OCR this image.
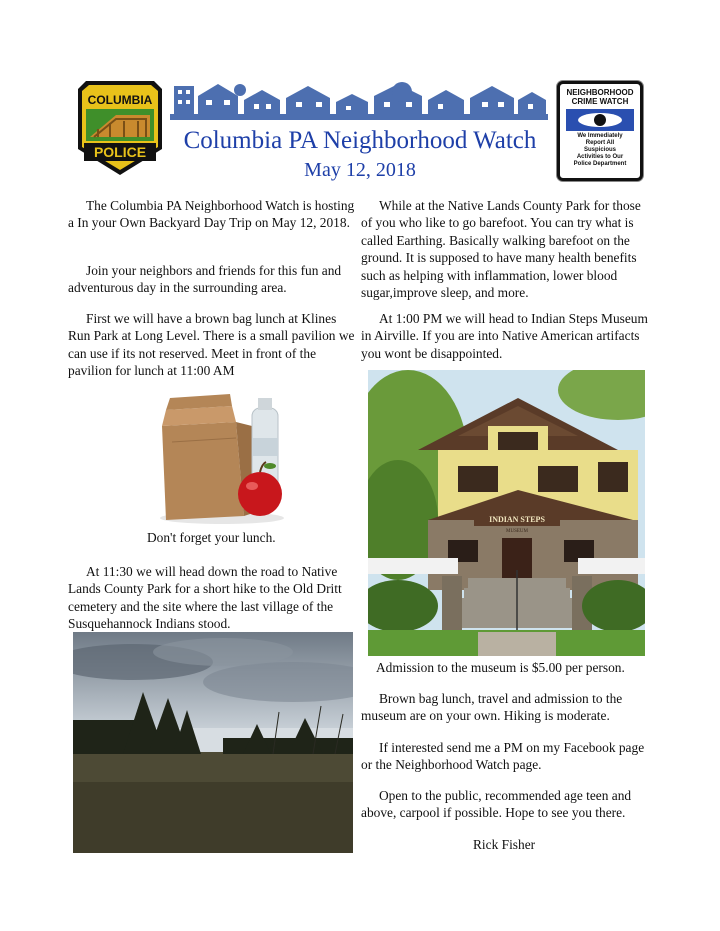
COLUMBIA
POLICE	Columbia PA Neighborhood Watch
May 12, 2018
NEIGHBORHOOD
CRIME WATCH
We Immediately
Report All
Suspicious
Activities to Our
Police Department

The Columbia PA Neighborhood Watch is hosting a In your Own Backyard Day Trip on May 12, 2018.

Join your neighbors and friends for this fun and adventurous day in the surrounding area.

First we will have a brown bag lunch at Klines Run Park at Long Level. There is a small pavilion we can use if its not reserved. Meet in front of the pavilion for lunch at 11:00 AM

Don't forget your lunch.

At 11:30 we will head down the road to Native Lands County Park for a short hike to the Old Dritt cemetery and the site where the last village of the Susquehannock Indians stood.

While at the Native Lands County Park for those of you who like to go barefoot. You can try what is called Earthing. Basically walking barefoot on the ground. It is supposed to have many health benefits such as helping with inflammation, lower blood sugar,improve sleep, and more.

At 1:00 PM we will head to Indian Steps Museum in Airville. If you are into Native American artifacts you wont be disappointed.

INDIAN STEPS
MUSEUM
Admission to the museum is $5.00 per person.

Brown bag lunch, travel and admission to the museum are on your own. Hiking is moderate.

If interested send me a PM on my Facebook page or the Neighborhood Watch page.

Open to the public, recommended age teen and above, carpool if possible. Hope to see you there.

Rick Fisher
